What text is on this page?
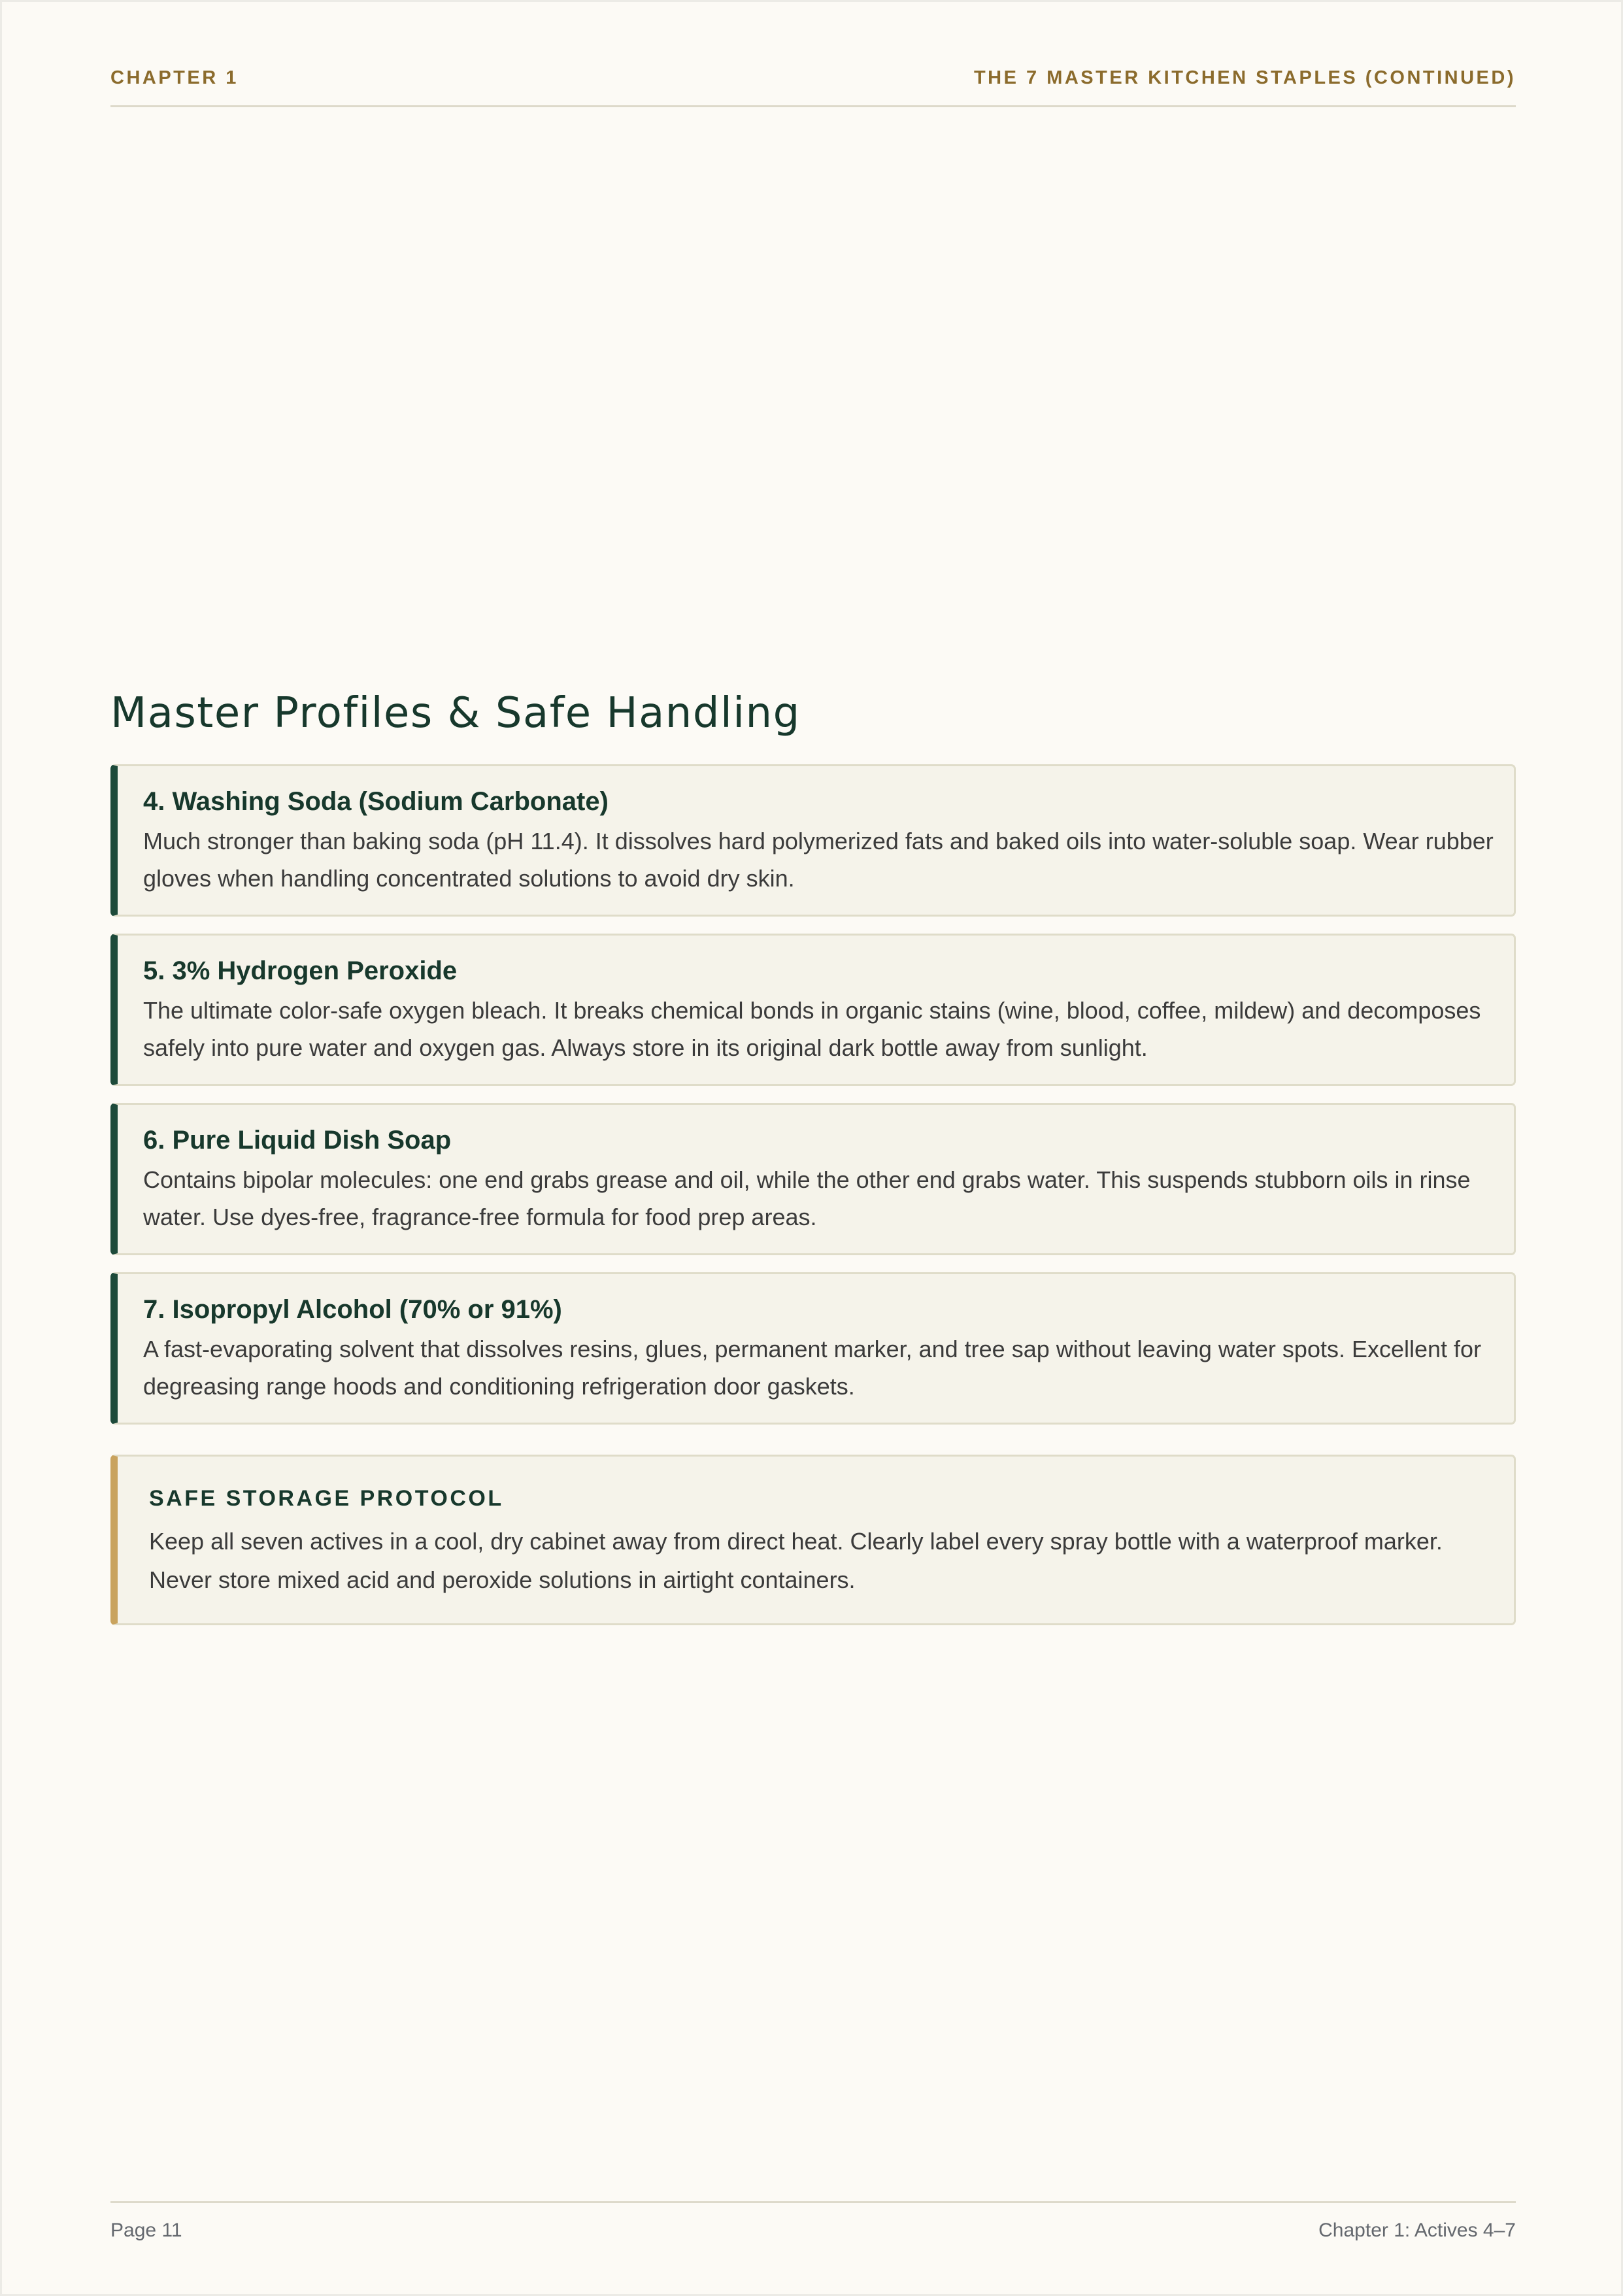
CHAPTER 1	THE 7 MASTER KITCHEN STAPLES (CONTINUED)
Master Profiles & Safe Handling
4. Washing Soda (Sodium Carbonate)

Much stronger than baking soda (pH 11.4). It dissolves hard polymerized fats and baked oils into water-soluble soap. Wear rubber gloves when handling concentrated solutions to avoid dry skin.

5. 3% Hydrogen Peroxide

The ultimate color-safe oxygen bleach. It breaks chemical bonds in organic stains (wine, blood, coffee, mildew) and decomposes safely into pure water and oxygen gas. Always store in its original dark bottle away from sunlight.

6. Pure Liquid Dish Soap

Contains bipolar molecules: one end grabs grease and oil, while the other end grabs water. This suspends stubborn oils in rinse water. Use dyes-free, fragrance-free formula for food prep areas.

7. Isopropyl Alcohol (70% or 91%)

A fast-evaporating solvent that dissolves resins, glues, permanent marker, and tree sap without leaving water spots. Excellent for degreasing range hoods and conditioning refrigeration door gaskets.

SAFE STORAGE PROTOCOL

Keep all seven actives in a cool, dry cabinet away from direct heat. Clearly label every spray bottle with a waterproof marker. Never store mixed acid and peroxide solutions in airtight containers.

Page 11	Chapter 1: Actives 4–7
